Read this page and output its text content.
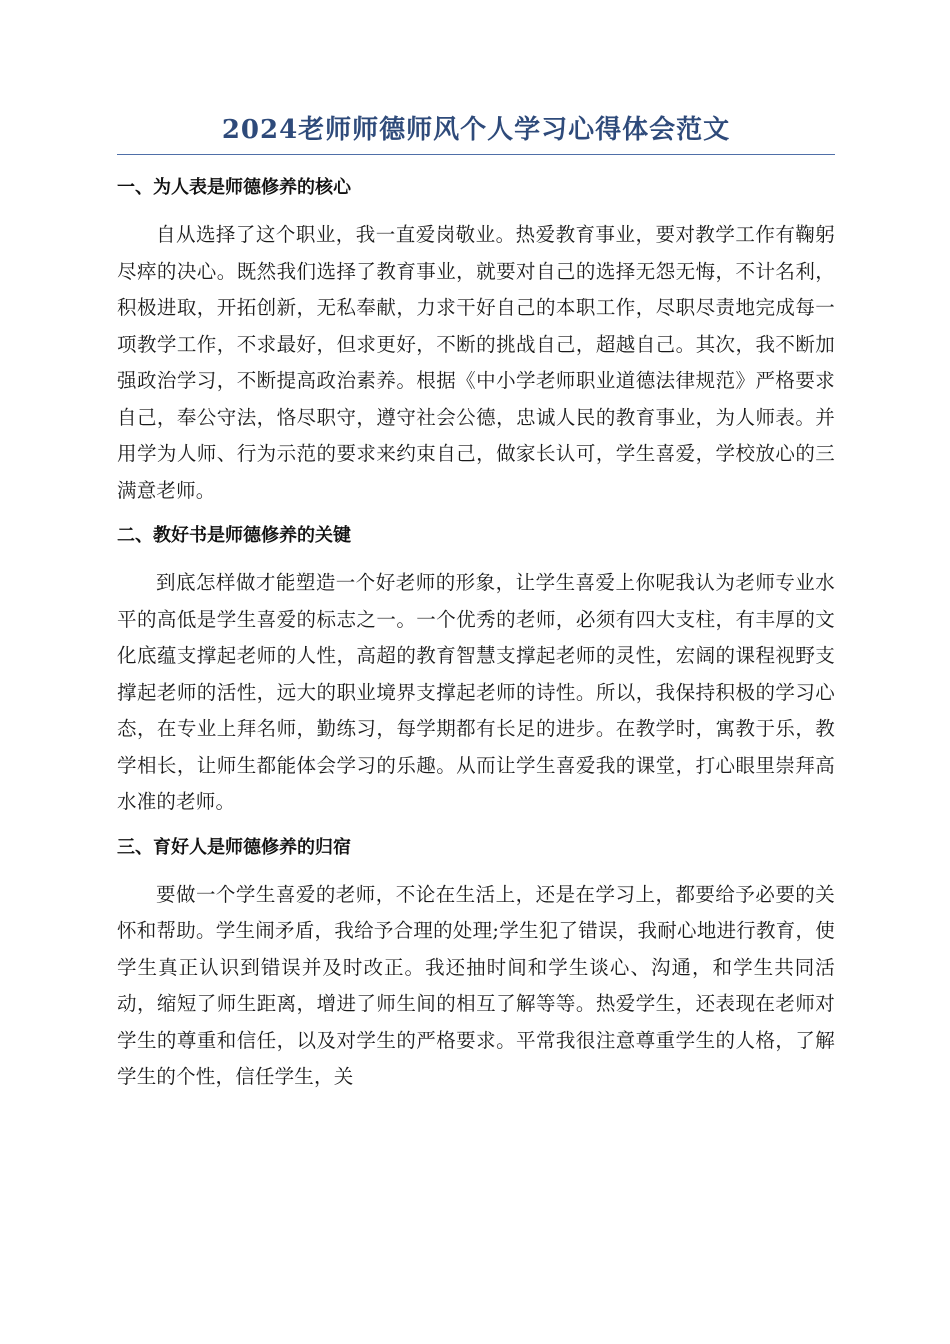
2024老师师德师风个人学习心得体会范文
一、为人表是师德修养的核心

自从选择了这个职业，我一直爱岗敬业。热爱教育事业，要对教学工作有鞠躬尽瘁的决心。既然我们选择了教育事业，就要对自己的选择无怨无悔，不计名利，积极进取，开拓创新，无私奉献，力求干好自己的本职工作，尽职尽责地完成每一项教学工作，不求最好，但求更好，不断的挑战自己，超越自己。其次，我不断加强政治学习，不断提高政治素养。根据《中小学老师职业道德法律规范》严格要求自己，奉公守法，恪尽职守，遵守社会公德，忠诚人民的教育事业，为人师表。并用学为人师、行为示范的要求来约束自己，做家长认可，学生喜爱，学校放心的三满意老师。

二、教好书是师德修养的关键

到底怎样做才能塑造一个好老师的形象，让学生喜爱上你呢我认为老师专业水平的高低是学生喜爱的标志之一。一个优秀的老师，必须有四大支柱，有丰厚的文化底蕴支撑起老师的人性，高超的教育智慧支撑起老师的灵性，宏阔的课程视野支撑起老师的活性，远大的职业境界支撑起老师的诗性。所以，我保持积极的学习心态，在专业上拜名师，勤练习，每学期都有长足的进步。在教学时，寓教于乐，教学相长，让师生都能体会学习的乐趣。从而让学生喜爱我的课堂，打心眼里崇拜高水准的老师。

三、育好人是师德修养的归宿

要做一个学生喜爱的老师，不论在生活上，还是在学习上，都要给予必要的关怀和帮助。学生闹矛盾，我给予合理的处理;学生犯了错误，我耐心地进行教育，使学生真正认识到错误并及时改正。我还抽时间和学生谈心、沟通，和学生共同活动，缩短了师生距离，增进了师生间的相互了解等等。热爱学生，还表现在老师对学生的尊重和信任，以及对学生的严格要求。平常我很注意尊重学生的人格，了解学生的个性，信任学生，关
